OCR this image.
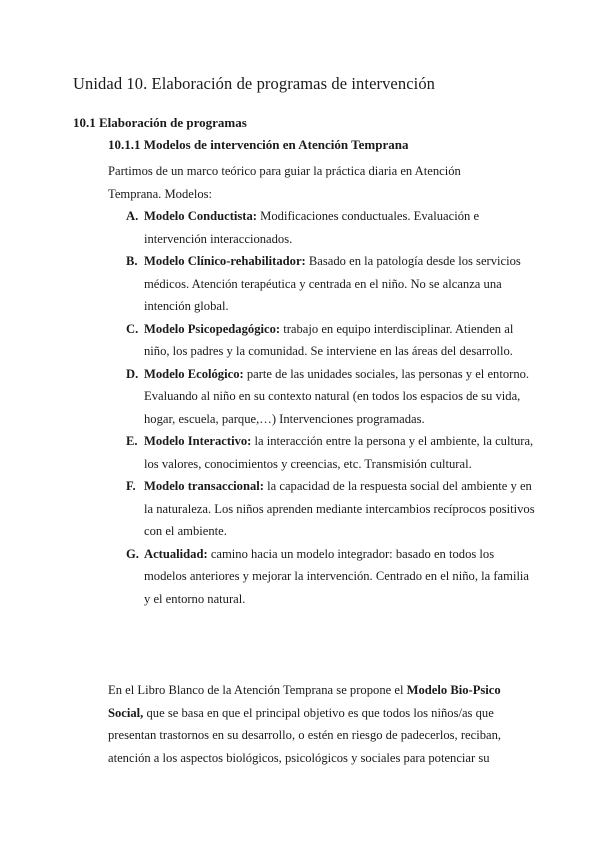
Unidad 10. Elaboración de programas de intervención
10.1 Elaboración de programas
10.1.1 Modelos de intervención en Atención Temprana

Partimos de un marco teórico para guiar la práctica diaria en Atención Temprana. Modelos:

A. Modelo Conductista: Modificaciones conductuales. Evaluación e intervención interaccionados.
B. Modelo Clínico-rehabilitador: Basado en la patología desde los servicios médicos. Atención terapéutica y centrada en el niño. No se alcanza una intención global.
C. Modelo Psicopedagógico: trabajo en equipo interdisciplinar. Atienden al niño, los padres y la comunidad. Se interviene en las áreas del desarrollo.
D. Modelo Ecológico: parte de las unidades sociales, las personas y el entorno. Evaluando al niño en su contexto natural (en todos los espacios de su vida, hogar, escuela, parque,…) Intervenciones programadas.
E. Modelo Interactivo: la interacción entre la persona y el ambiente, la cultura, los valores, conocimientos y creencias, etc. Transmisión cultural.
F. Modelo transaccional: la capacidad de la respuesta social del ambiente y en la naturaleza. Los niños aprenden mediante intercambios recíprocos positivos con el ambiente.
G. Actualidad: camino hacia un modelo integrador: basado en todos los modelos anteriores y mejorar la intervención. Centrado en el niño, la familia y el entorno natural.

En el Libro Blanco de la Atención Temprana se propone el Modelo Bio-Psico Social, que se basa en que el principal objetivo es que todos los niños/as que presentan trastornos en su desarrollo, o estén en riesgo de padecerlos, reciban, atención a los aspectos biológicos, psicológicos y sociales para potenciar su
